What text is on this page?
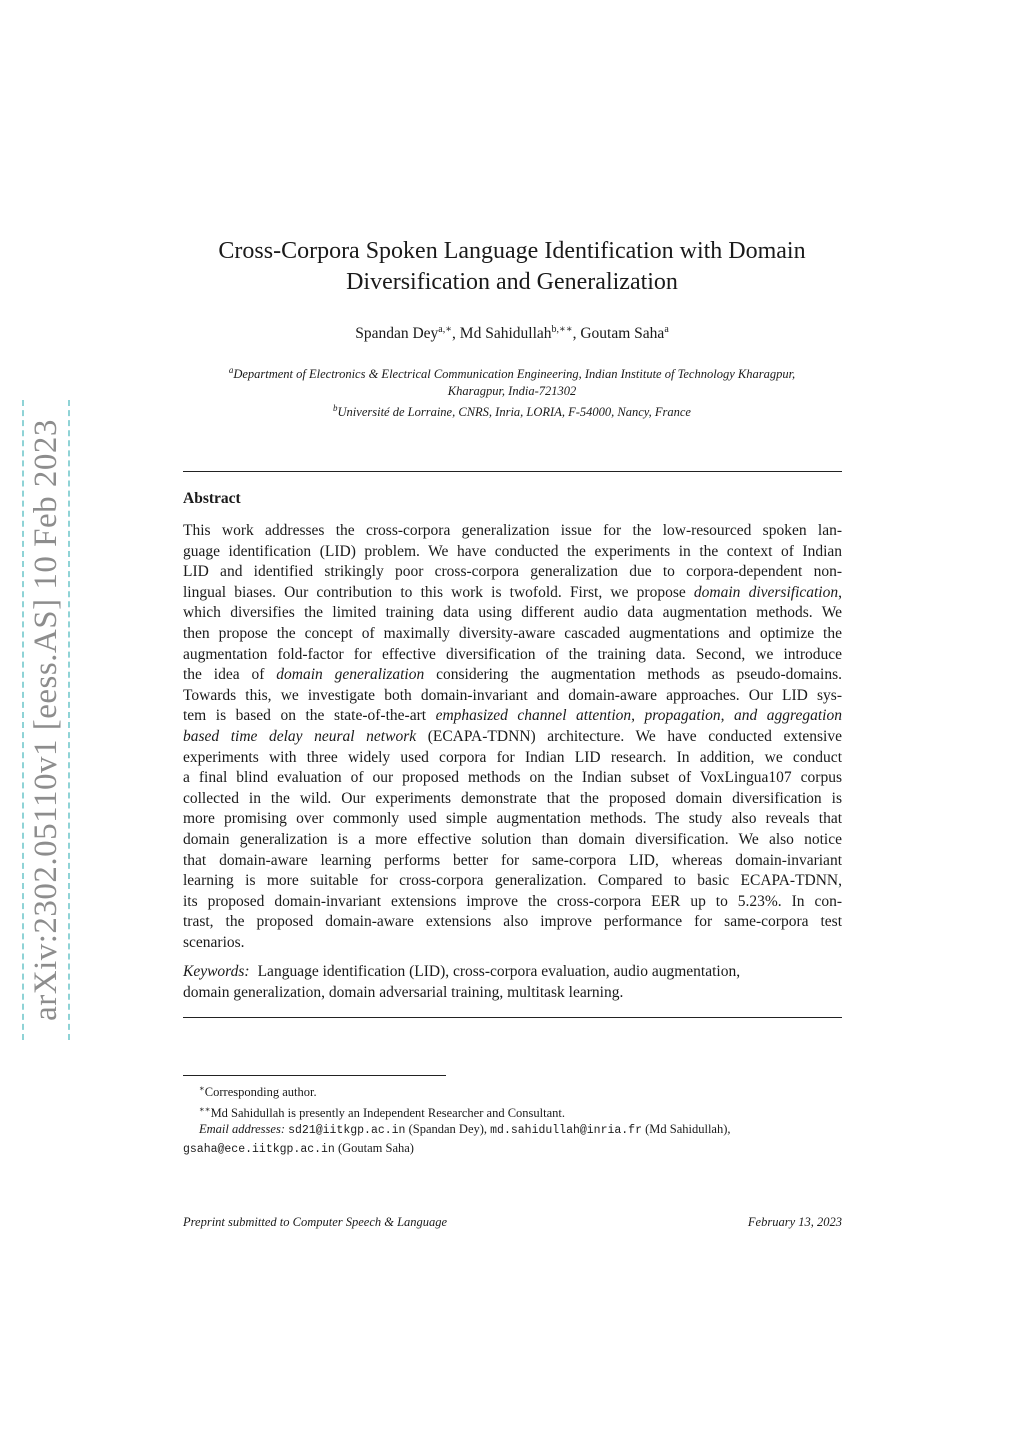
arXiv:2302.05110v1 [eess.AS] 10 Feb 2023
Cross-Corpora Spoken Language Identification with Domain
Diversification and Generalization
Spandan Dey$^{a,∗}$, Md Sahidullah$^{b,∗∗}$, Goutam Saha$^a$
$^a$Department of Electronics & Electrical Communication Engineering, Indian Institute of Technology Kharagpur,
Kharagpur, India-721302
$^b$Université de Lorraine, CNRS, Inria, LORIA, F-54000, Nancy, France
Abstract
This work addresses the cross-corpora generalization issue for the low-resourced spoken lan-
guage identification (LID) problem. We have conducted the experiments in the context of Indian
LID and identified strikingly poor cross-corpora generalization due to corpora-dependent non-
lingual biases. Our contribution to this work is twofold. First, we propose domain diversification,
which diversifies the limited training data using different audio data augmentation methods. We
then propose the concept of maximally diversity-aware cascaded augmentations and optimize the
augmentation fold-factor for effective diversification of the training data. Second, we introduce
the idea of domain generalization considering the augmentation methods as pseudo-domains.
Towards this, we investigate both domain-invariant and domain-aware approaches. Our LID sys-
tem is based on the state-of-the-art emphasized channel attention, propagation, and aggregation
based time delay neural network (ECAPA-TDNN) architecture. We have conducted extensive
experiments with three widely used corpora for Indian LID research. In addition, we conduct
a final blind evaluation of our proposed methods on the Indian subset of VoxLingua107 corpus
collected in the wild. Our experiments demonstrate that the proposed domain diversification is
more promising over commonly used simple augmentation methods. The study also reveals that
domain generalization is a more effective solution than domain diversification. We also notice
that domain-aware learning performs better for same-corpora LID, whereas domain-invariant
learning is more suitable for cross-corpora generalization. Compared to basic ECAPA-TDNN,
its proposed domain-invariant extensions improve the cross-corpora EER up to 5.23%. In con-
trast, the proposed domain-aware extensions also improve performance for same-corpora test
scenarios.
Keywords: Language identification (LID), cross-corpora evaluation, audio augmentation,
domain generalization, domain adversarial training, multitask learning.
∗Corresponding author.
∗∗Md Sahidullah is presently an Independent Researcher and Consultant.
Email addresses: sd21@iitkgp.ac.in (Spandan Dey), md.sahidullah@inria.fr (Md Sahidullah),
gsaha@ece.iitkgp.ac.in (Goutam Saha)
Preprint submitted to Computer Speech & Language	February 13, 2023
